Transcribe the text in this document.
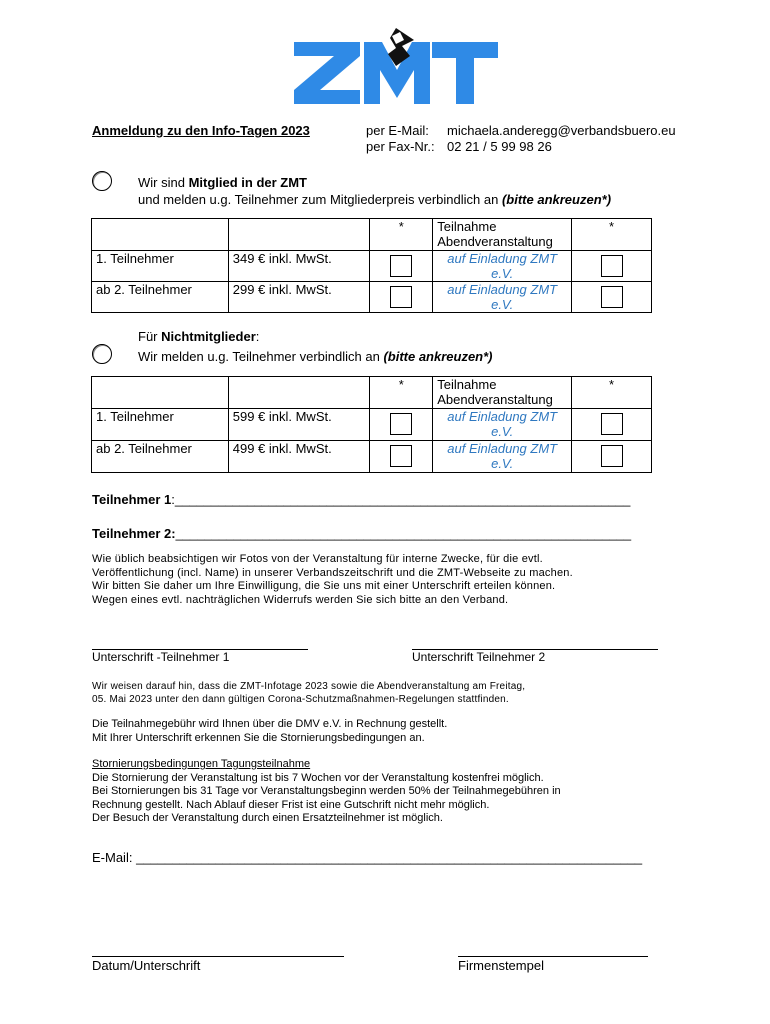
Anmeldung zu den Info-Tagen 2023	per E-Mail: michaela.anderegg@verbandsbuero.eu
per Fax-Nr.: 02 21 / 5 99 98 26
Wir sind Mitglied in der ZMT
und melden u.g. Teilnehmer zum Mitgliederpreis verbindlich an (bitte ankreuzen*)
		*	Teilnahme Abendveranstaltung	*
1. Teilnehmer	349 € inkl. MwSt.		auf Einladung ZMT e.V.	

ab 2. Teilnehmer	299 € inkl. MwSt.		auf Einladung ZMT e.V.	
Für Nichtmitglieder:
Wir melden u.g. Teilnehmer verbindlich an (bitte ankreuzen*)
		*	Teilnahme Abendveranstaltung	*
1. Teilnehmer	599 € inkl. MwSt.		auf Einladung ZMT e.V.	

ab 2. Teilnehmer	499 € inkl. MwSt.		auf Einladung ZMT e.V.	
Teilnehmer 1:_______________________________________________________________
Teilnehmer 2:_______________________________________________________________
Wie üblich beabsichtigen wir Fotos von der Veranstaltung für interne Zwecke, für die evtl.
Veröffentlichung (incl. Name) in unserer Verbandszeitschrift und die ZMT-Webseite zu machen.
Wir bitten Sie daher um Ihre Einwilligung, die Sie uns mit einer Unterschrift erteilen können.
Wegen eines evtl. nachträglichen Widerrufs werden Sie sich bitte an den Verband.
Unterschrift -Teilnehmer 1	Unterschrift Teilnehmer 2
Wir weisen darauf hin, dass die ZMT-Infotage 2023 sowie die Abendveranstaltung am Freitag,
05. Mai 2023 unter den dann gültigen Corona-Schutzmaßnahmen-Regelungen stattfinden.
Die Teilnahmegebühr wird Ihnen über die DMV e.V. in Rechnung gestellt.
Mit Ihrer Unterschrift erkennen Sie die Stornierungsbedingungen an.
Stornierungsbedingungen Tagungsteilnahme
Die Stornierung der Veranstaltung ist bis 7 Wochen vor der Veranstaltung kostenfrei möglich.
Bei Stornierungen bis 31 Tage vor Veranstaltungsbeginn werden 50% der Teilnahmegebühren in
Rechnung gestellt. Nach Ablauf dieser Frist ist eine Gutschrift nicht mehr möglich.
Der Besuch der Veranstaltung durch einen Ersatzteilnehmer ist möglich.
E-Mail: ______________________________________________________________________
Datum/Unterschrift	Firmenstempel
